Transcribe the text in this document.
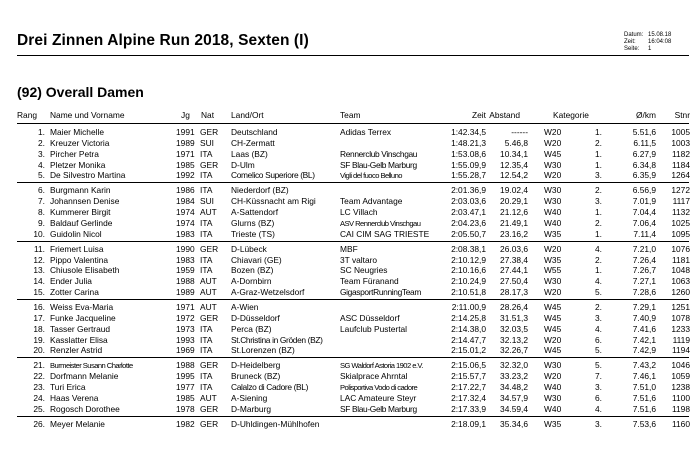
Drei Zinnen Alpine Run 2018, Sexten (I)	Datum: 15.08.18
Zeit: 16:04:08
Seite: 1
(92) Overall Damen
Rang Name und Vorname	Jg Nat Land/Ort	Team	Zeit Abstand	Kategorie	Ø/km	Stnr
1. Maier Michelle	1991 GER	Deutschland	Adidas Terrex	1:42.34,5	------ W20	1.	5.51,6	1005
2. Kreuzer Victoria	1989 SUI	CH-Zermatt	1:48.21,3	5.46,8 W20	2.	6.11,5	1003
3. Pircher Petra	1971 ITA	Laas (BZ)	Rennerclub Vinschgau	1:53.08,6	10.34,1 W45	1.	6.27,9	1182
4. Pletzer Monika	1985 GER	D-Ulm	SF Blau-Gelb Marburg	1:55.09,9	12.35,4 W30	1.	6.34,8	1184
5. De Silvestro Martina	1992 ITA	Comelico Superiore (BL)	Vigli del fuoco Belluno	1:55.28,7	12.54,2 W20	3.	6.35,9	1264
6. Burgmann Karin	1986 ITA	Niederdorf (BZ)	2:01.36,9	19.02,4 W30	2.	6.56,9	1272
7. Johannsen Denise	1984 SUI	CH-Küssnacht am Rigi	Team Advantage	2:03.03,6	20.29,1 W30	3.	7.01,9	1117
8. Kummerer Birgit	1974 AUT	A-Sattendorf	LC Villach	2:03.47,1	21.12,6 W40	1.	7.04,4	1132
9. Baldauf Gerlinde	1974 ITA	Glurns (BZ)	ASV Rennerclub Vinschgau	2:04.23,6	21.49,1 W40	2.	7.06,4	1025
10. Guidolin Nicol	1983 ITA	Trieste (TS)	CAI CIM SAG TRIESTE	2:05.50,7	23.16,2 W35	1.	7.11,4	1095
11. Friemert Luisa	1990 GER	D-Lübeck	MBF	2:08.38,1	26.03,6 W20	4.	7.21,0	1076
12. Pippo Valentina	1983 ITA	Chiavari (GE)	3T valtaro	2:10.12,9	27.38,4 W35	2.	7.26,4	1181
13. Chiusole Elisabeth	1959 ITA	Bozen (BZ)	SC Neugries	2:10.16,6	27.44,1 W55	1.	7.26,7	1048
14. Ender Julia	1988 AUT	A-Dornbirn	Team Füranand	2:10.24,9	27.50,4 W30	4.	7.27,1	1063
15. Zotter Carina	1989 AUT	A-Graz-Wetzelsdorf	GigasportRunningTeam	2:10.51,8	28.17,3 W20	5.	7.28,6	1260
16. Weiss Eva-Maria	1971 AUT	A-Wien	2:11.00,9	28.26,4 W45	2.	7.29,1	1251
17. Funke Jacqueline	1972 GER	D-Düsseldorf	ASC Düsseldorf	2:14.25,8	31.51,3 W45	3.	7.40,9	1078
18. Tasser Gertraud	1973 ITA	Perca (BZ)	Laufclub Pustertal	2:14.38,0	32.03,5 W45	4.	7.41,6	1233
19. Kasslatter Elisa	1993 ITA	St.Christina in Gröden (BZ)	2:14.47,7	32.13,2 W20	6.	7.42,1	1119
20. Renzler Astrid	1969 ITA	St.Lorenzen (BZ)	2:15.01,2	32.26,7 W45	5.	7.42,9	1194
21. Burmeister Susann Charlotte	1988 GER	D-Heidelberg	SG Waldorf Astoria 1902 e.V.	2:15.06,5	32.32,0 W30	5.	7.43,2	1046
22. Dorfmann Melanie	1995 ITA	Bruneck (BZ)	Skialprace Ahrntal	2:15.57,7	33.23,2 W20	7.	7.46,1	1059
23. Turi Erica	1977 ITA	Calalzo di Cadore (BL)	Polisportiva Vodo di cadore	2:17.22,7	34.48,2 W40	3.	7.51,0	1238
24. Haas Verena	1985 AUT	A-Siening	LAC Amateure Steyr	2:17.32,4	34.57,9 W30	6.	7.51,6	1100
25. Rogosch Dorothee	1978 GER	D-Marburg	SF Blau-Gelb Marburg	2:17.33,9	34.59,4 W40	4.	7.51,6	1198
26. Meyer Melanie	1982 GER	D-Uhldingen-Mühlhofen	2:18.09,1	35.34,6 W35	3.	7.53,6	1160
